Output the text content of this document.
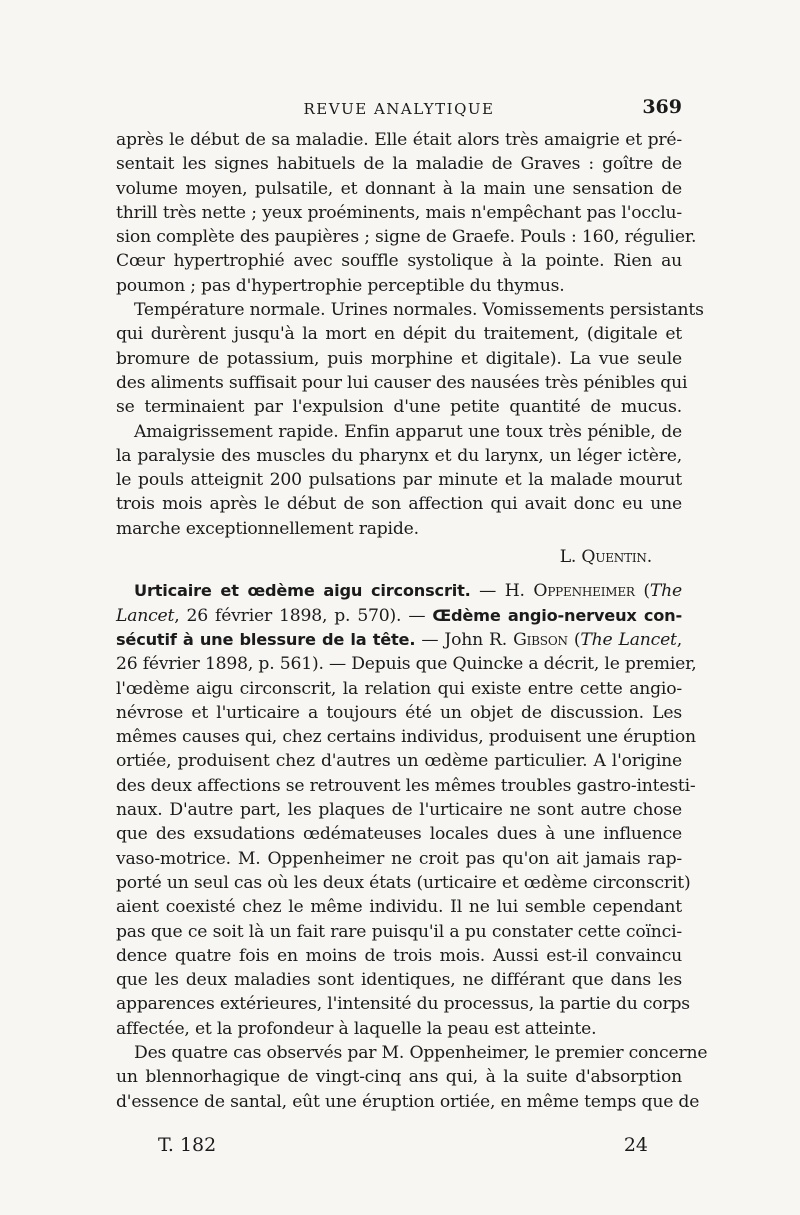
REVUE ANALYTIQUE	369
après le début de sa maladie. Elle était alors très amaigrie et pré-
sentait les signes habituels de la maladie de Graves : goître de
volume moyen, pulsatile, et donnant à la main une sensation de
thrill très nette ; yeux proéminents, mais n'empêchant pas l'occlu-
sion complète des paupières ; signe de Graefe. Pouls : 160, régulier.
Cœur hypertrophié avec souffle systolique à la pointe. Rien au
poumon ; pas d'hypertrophie perceptible du thymus.
Température normale. Urines normales. Vomissements persistants
qui durèrent jusqu'à la mort en dépit du traitement, (digitale et
bromure de potassium, puis morphine et digitale). La vue seule
des aliments suffisait pour lui causer des nausées très pénibles qui
se terminaient par l'expulsion d'une petite quantité de mucus.
Amaigrissement rapide. Enfin apparut une toux très pénible, de
la paralysie des muscles du pharynx et du larynx, un léger ictère,
le pouls atteignit 200 pulsations par minute et la malade mourut
trois mois après le début de son affection qui avait donc eu une
marche exceptionnellement rapide.
L. Quentin.
Urticaire et œdème aigu circonscrit. — H. Oppenheimer (The
Lancet, 26 février 1898, p. 570). — Œdème angio-nerveux con-
sécutif à une blessure de la tête. — John R. Gibson (The Lancet,
26 février 1898, p. 561). — Depuis que Quincke a décrit, le premier,
l'œdème aigu circonscrit, la relation qui existe entre cette angio-
névrose et l'urticaire a toujours été un objet de discussion. Les
mêmes causes qui, chez certains individus, produisent une éruption
ortiée, produisent chez d'autres un œdème particulier. A l'origine
des deux affections se retrouvent les mêmes troubles gastro-intesti-
naux. D'autre part, les plaques de l'urticaire ne sont autre chose
que des exsudations œdémateuses locales dues à une influence
vaso-motrice. M. Oppenheimer ne croit pas qu'on ait jamais rap-
porté un seul cas où les deux états (urticaire et œdème circonscrit)
aient coexisté chez le même individu. Il ne lui semble cependant
pas que ce soit là un fait rare puisqu'il a pu constater cette coïnci-
dence quatre fois en moins de trois mois. Aussi est-il convaincu
que les deux maladies sont identiques, ne différant que dans les
apparences extérieures, l'intensité du processus, la partie du corps
affectée, et la profondeur à laquelle la peau est atteinte.
Des quatre cas observés par M. Oppenheimer, le premier concerne
un blennorhagique de vingt-cinq ans qui, à la suite d'absorption
d'essence de santal, eût une éruption ortiée, en même temps que de
T. 182	24
